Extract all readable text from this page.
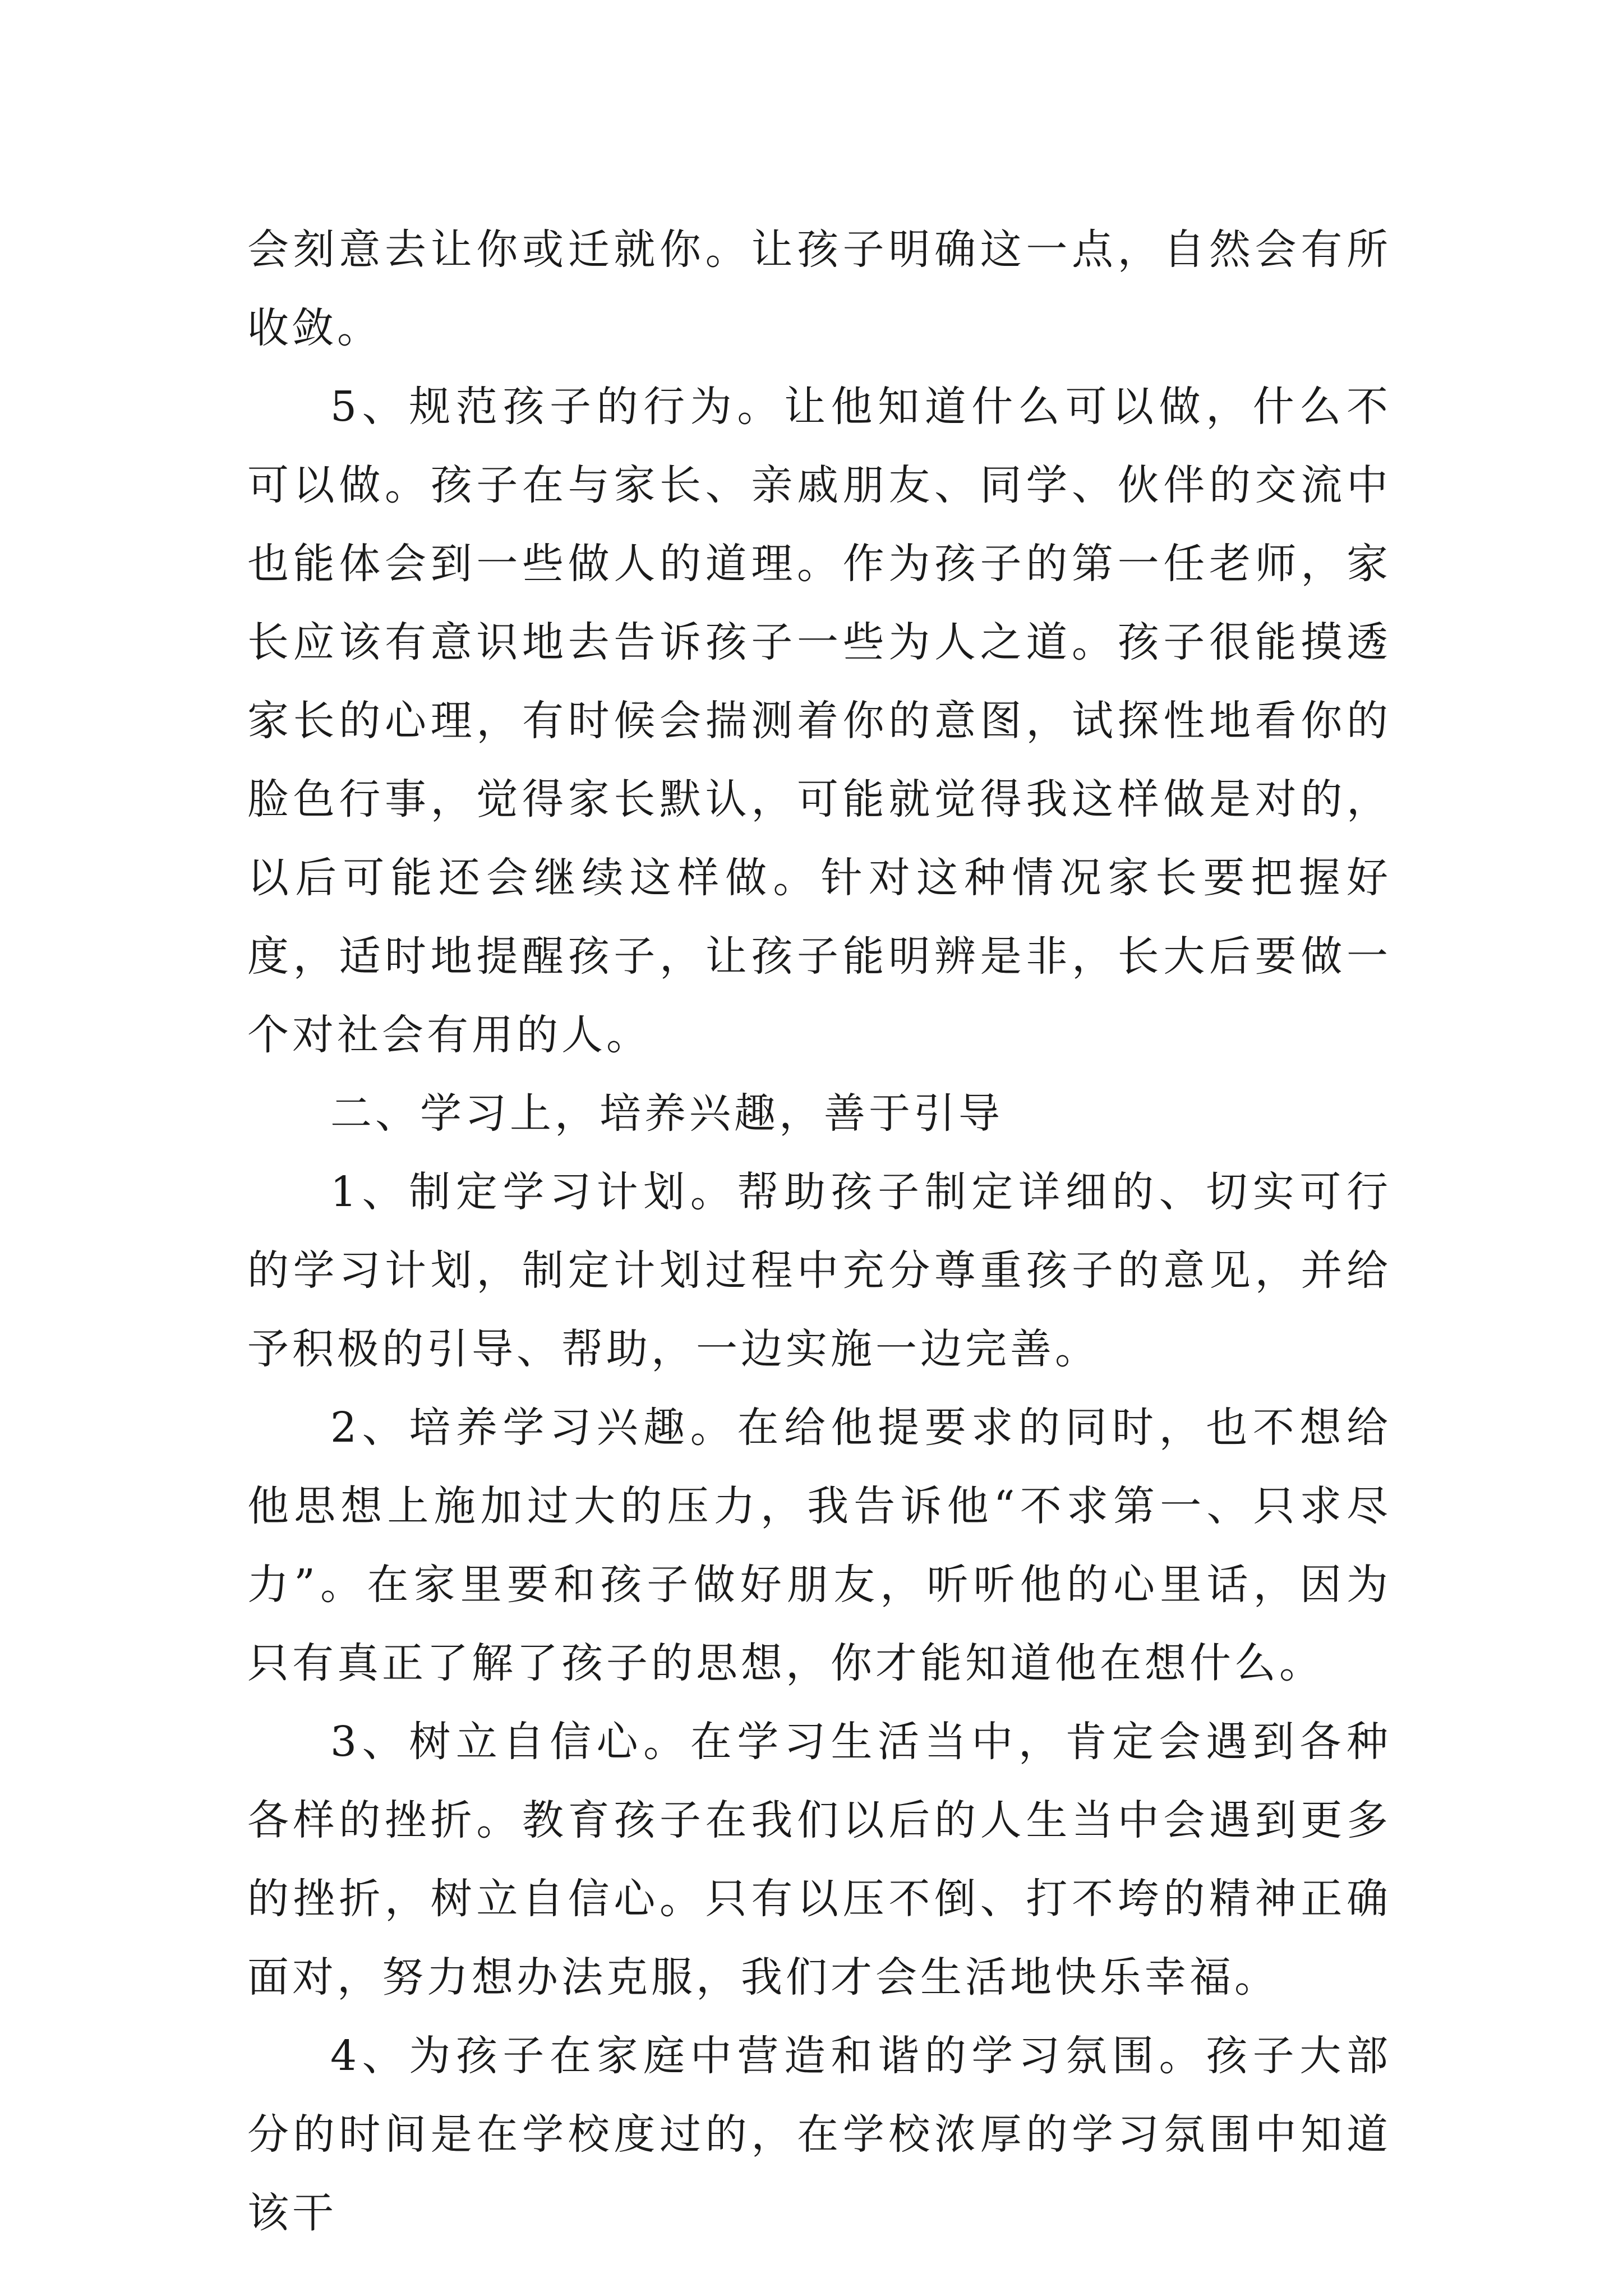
会刻意去让你或迁就你。让孩子明确这一点，自然会有所收敛。

5、规范孩子的行为。让他知道什么可以做，什么不可以做。孩子在与家长、亲戚朋友、同学、伙伴的交流中也能体会到一些做人的道理。作为孩子的第一任老师，家长应该有意识地去告诉孩子一些为人之道。孩子很能摸透家长的心理，有时候会揣测着你的意图，试探性地看你的脸色行事，觉得家长默认，可能就觉得我这样做是对的，以后可能还会继续这样做。针对这种情况家长要把握好度，适时地提醒孩子，让孩子能明辨是非，长大后要做一个对社会有用的人。

二、学习上，培养兴趣，善于引导

1、制定学习计划。帮助孩子制定详细的、切实可行的学习计划，制定计划过程中充分尊重孩子的意见，并给予积极的引导、帮助，一边实施一边完善。

2、培养学习兴趣。在给他提要求的同时，也不想给他思想上施加过大的压力，我告诉他“不求第一、只求尽力”。在家里要和孩子做好朋友，听听他的心里话，因为只有真正了解了孩子的思想，你才能知道他在想什么。

3、树立自信心。在学习生活当中，肯定会遇到各种各样的挫折。教育孩子在我们以后的人生当中会遇到更多的挫折，树立自信心。只有以压不倒、打不垮的精神正确面对，努力想办法克服，我们才会生活地快乐幸福。

4、为孩子在家庭中营造和谐的学习氛围。孩子大部分的时间是在学校度过的，在学校浓厚的学习氛围中知道该干
